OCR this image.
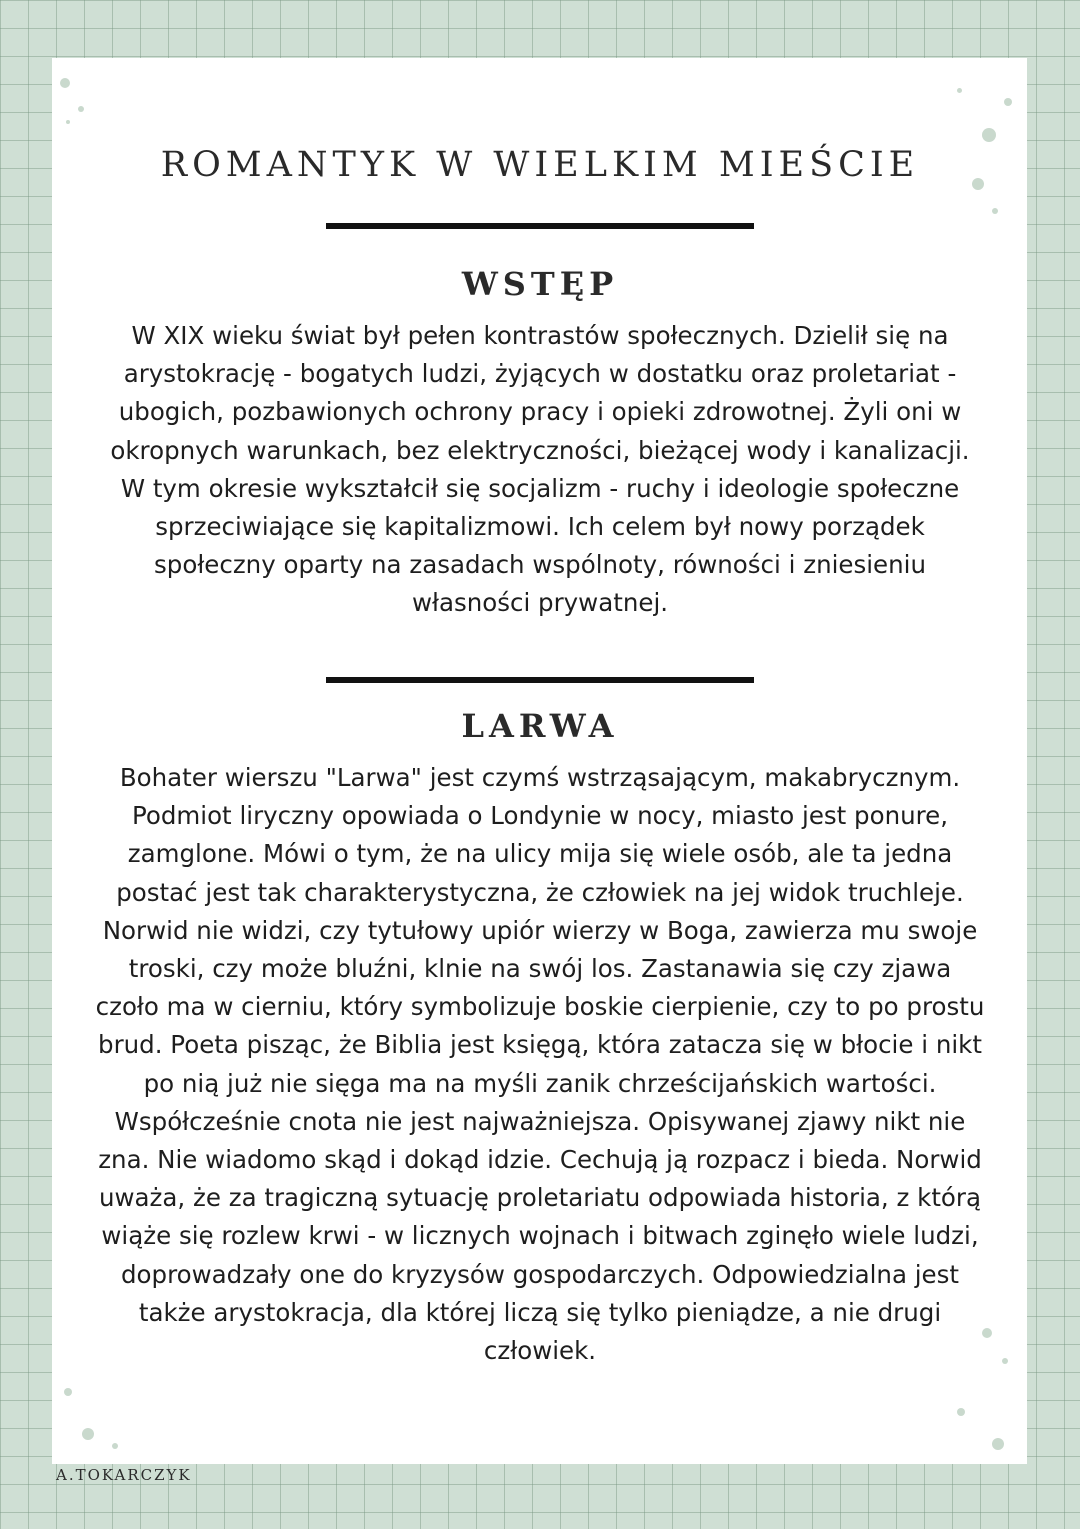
ROMANTYK W WIELKIM MIEŚCIE
WSTĘP

W XIX wieku świat był pełen kontrastów społecznych. Dzielił się na arystokrację - bogatych ludzi, żyjących w dostatku oraz proletariat - ubogich, pozbawionych ochrony pracy i opieki zdrowotnej. Żyli oni w okropnych warunkach, bez elektryczności, bieżącej wody i kanalizacji. W tym okresie wykształcił się socjalizm - ruchy i ideologie społeczne sprzeciwiające się kapitalizmowi. Ich celem był nowy porządek społeczny oparty na zasadach wspólnoty, równości i zniesieniu własności prywatnej.

LARWA

Bohater wierszu "Larwa" jest czymś wstrząsającym, makabrycznym. Podmiot liryczny opowiada o Londynie w nocy, miasto jest ponure, zamglone. Mówi o tym, że na ulicy mija się wiele osób, ale ta jedna postać jest tak charakterystyczna, że człowiek na jej widok truchleje. Norwid nie widzi, czy tytułowy upiór wierzy w Boga, zawierza mu swoje troski, czy może bluźni, klnie na swój los. Zastanawia się czy zjawa czoło ma w cierniu, który symbolizuje boskie cierpienie, czy to po prostu brud. Poeta pisząc, że Biblia jest księgą, która zatacza się w błocie i nikt po nią już nie sięga ma na myśli zanik chrześcijańskich wartości. Współcześnie cnota nie jest najważniejsza. Opisywanej zjawy nikt nie zna. Nie wiadomo skąd i dokąd idzie. Cechują ją rozpacz i bieda. Norwid uważa, że za tragiczną sytuację proletariatu odpowiada historia, z którą wiąże się rozlew krwi - w licznych wojnach i bitwach zginęło wiele ludzi, doprowadzały one do kryzysów gospodarczych. Odpowiedzialna jest także arystokracja, dla której liczą się tylko pieniądze, a nie drugi człowiek.

A.TOKARCZYK
